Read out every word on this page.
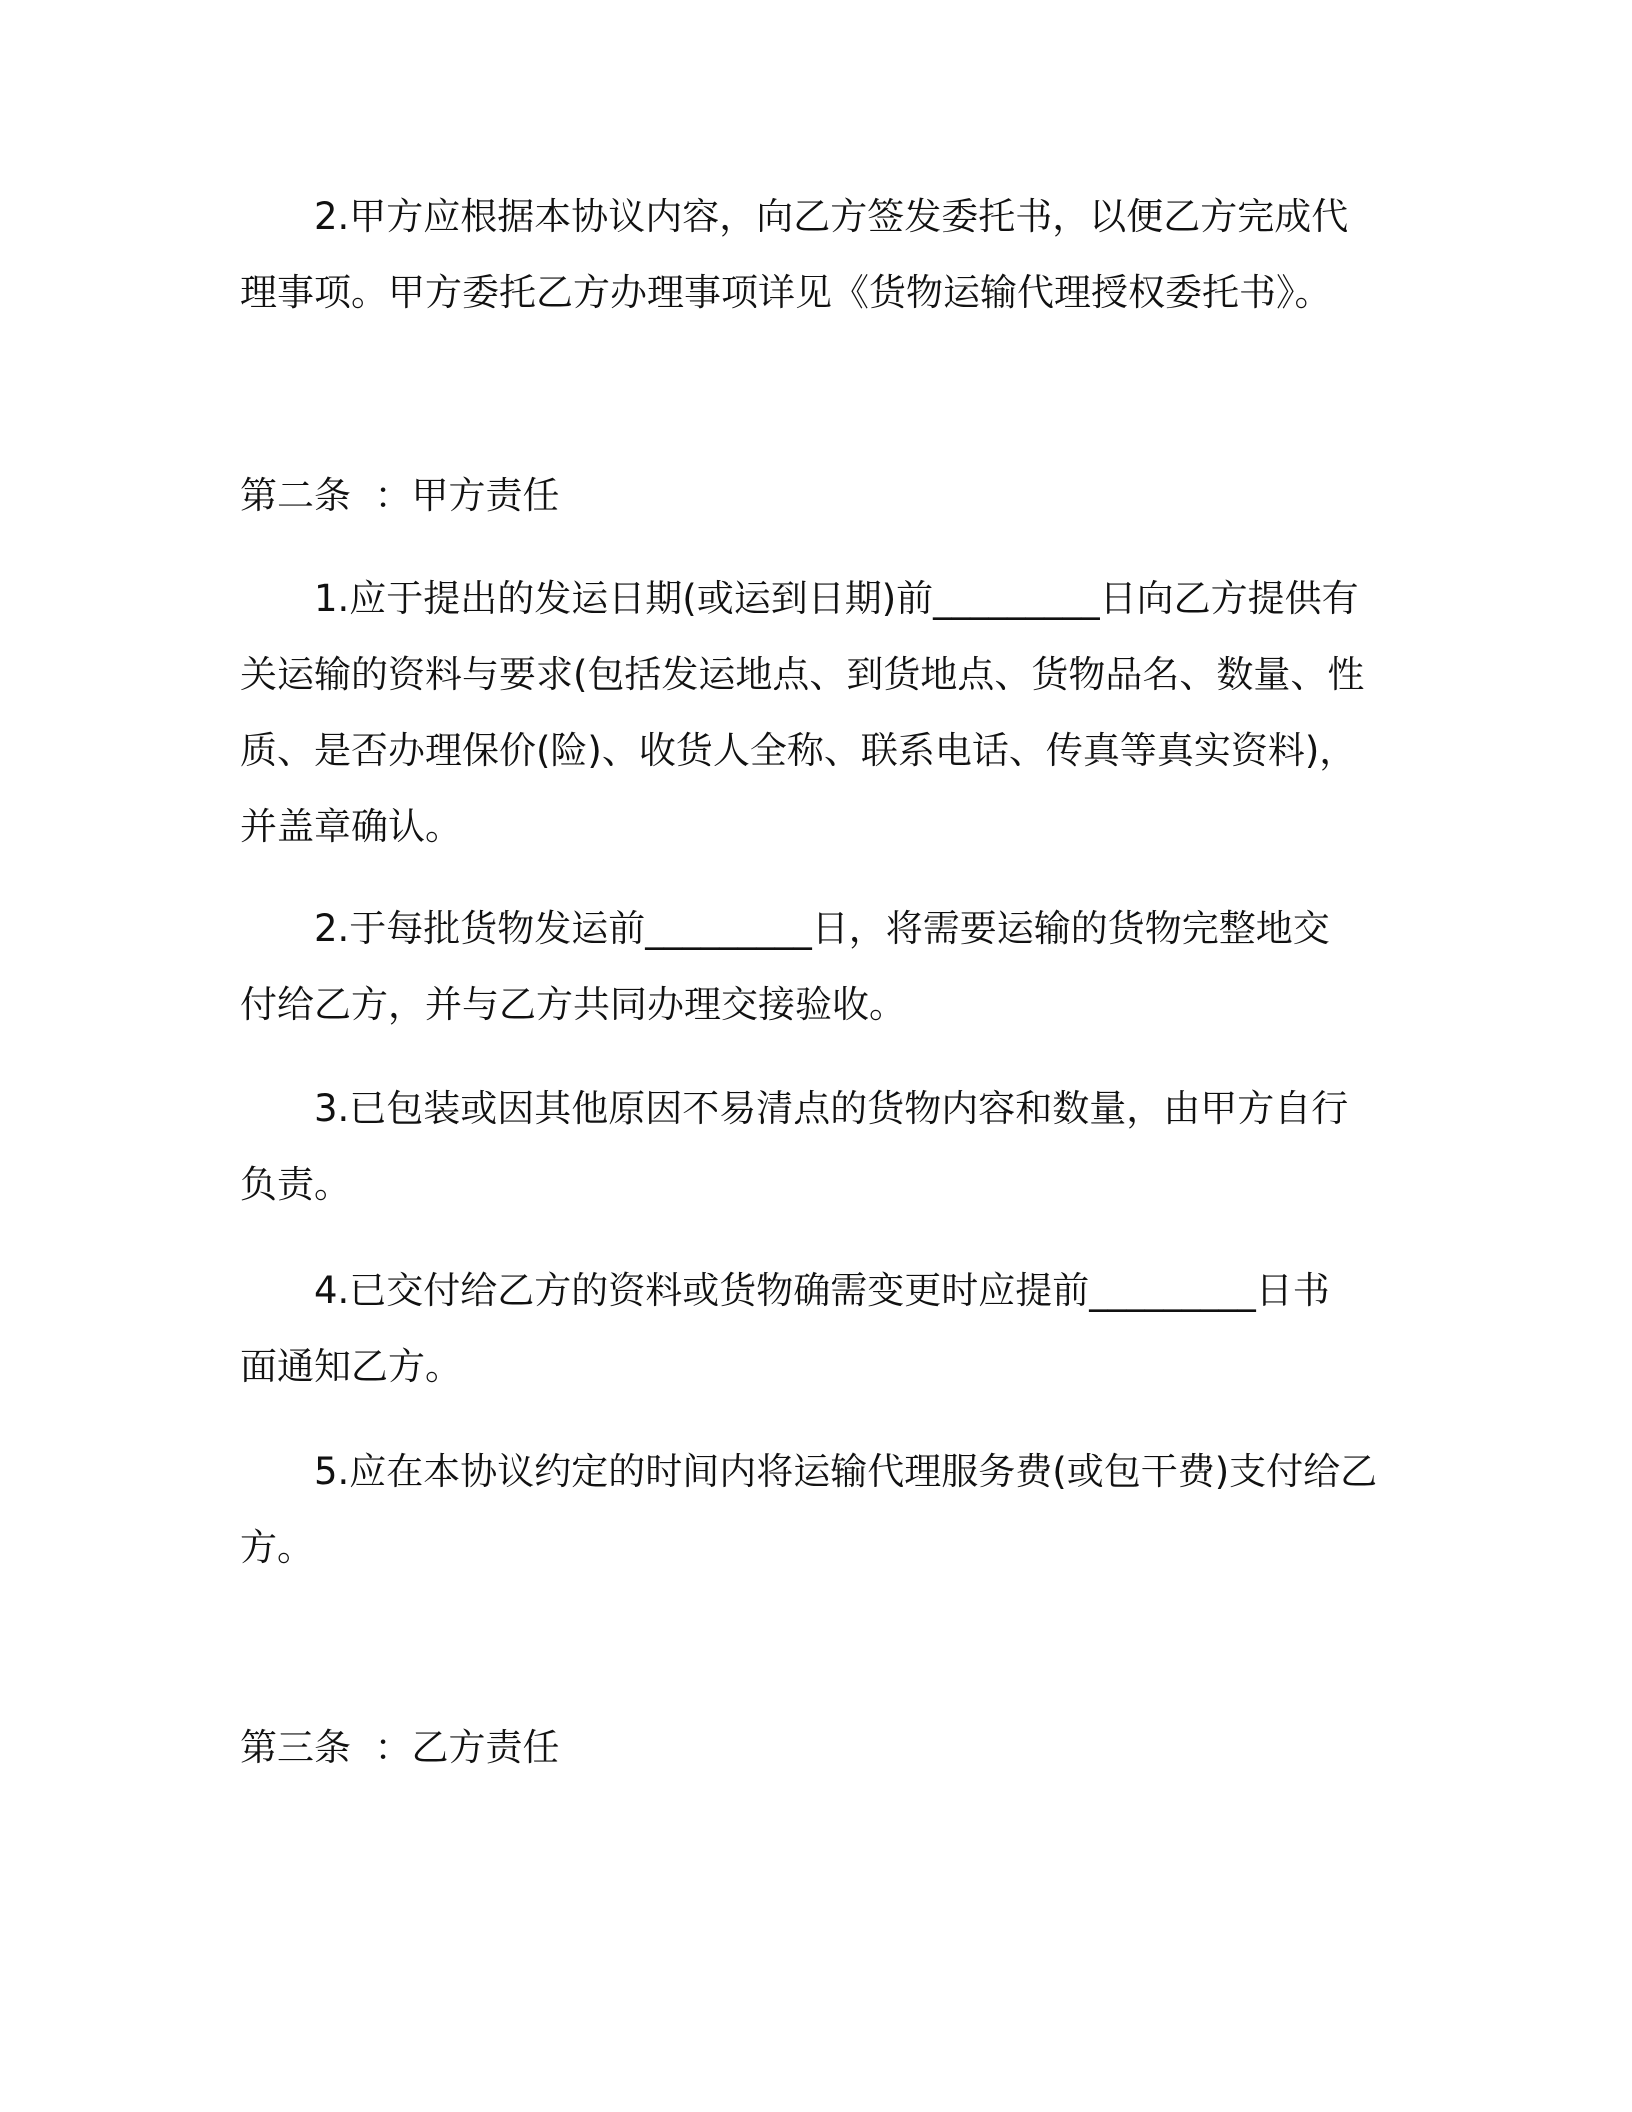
2.甲方应根据本协议内容，向乙方签发委托书，以便乙方完成代
理事项。甲方委托乙方办理事项详见《货物运输代理授权委托书》。
第二条  ：甲方责任
1.应于提出的发运日期(或运到日期)前_________日向乙方提供有
关运输的资料与要求(包括发运地点、到货地点、货物品名、数量、性
质、是否办理保价(险)、收货人全称、联系电话、传真等真实资料)，
并盖章确认。
2.于每批货物发运前_________日，将需要运输的货物完整地交
付给乙方，并与乙方共同办理交接验收。
3.已包装或因其他原因不易清点的货物内容和数量，由甲方自行
负责。
4.已交付给乙方的资料或货物确需变更时应提前_________日书
面通知乙方。
5.应在本协议约定的时间内将运输代理服务费(或包干费)支付给乙
方。
第三条  ：乙方责任
